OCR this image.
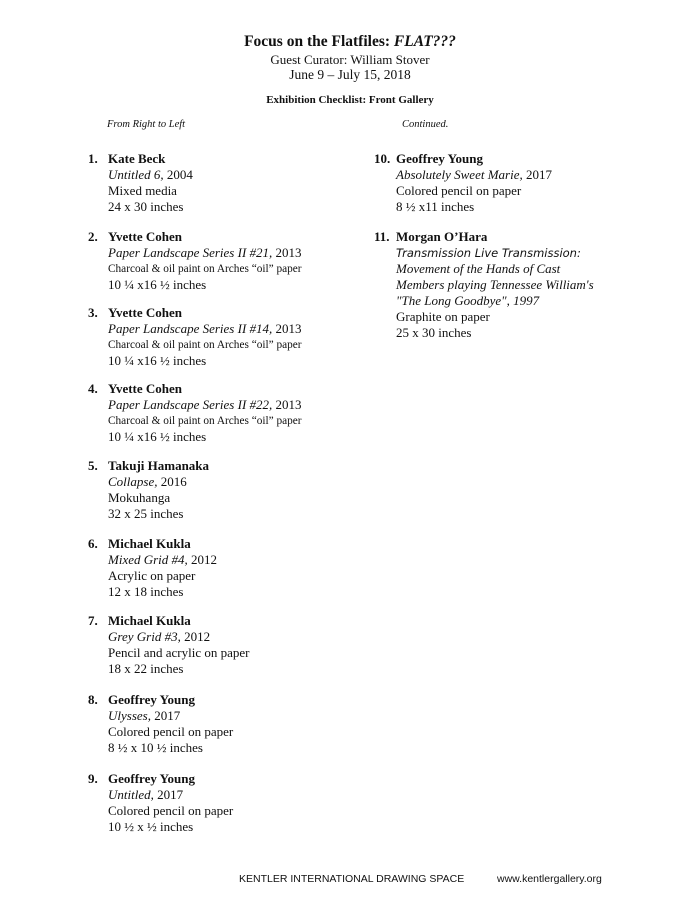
Focus on the Flatfiles: FLAT???
Guest Curator: William Stover
June 9 – July 15, 2018
Exhibition Checklist: Front Gallery
From Right to Left	Continued.
1. Kate Beck
Untitled 6, 2004
Mixed media
24 x 30 inches
2. Yvette Cohen
Paper Landscape Series II #21, 2013
Charcoal & oil paint on Arches “oil” paper
10 ¼ x16 ½ inches
3. Yvette Cohen
Paper Landscape Series II #14, 2013
Charcoal & oil paint on Arches “oil” paper
10 ¼ x16 ½ inches
4. Yvette Cohen
Paper Landscape Series II #22, 2013
Charcoal & oil paint on Arches “oil” paper
10 ¼ x16 ½ inches
5. Takuji Hamanaka
Collapse, 2016
Mokuhanga
32 x 25 inches
6. Michael Kukla
Mixed Grid #4, 2012
Acrylic on paper
12 x 18 inches
7. Michael Kukla
Grey Grid #3, 2012
Pencil and acrylic on paper
18 x 22 inches
8. Geoffrey Young
Ulysses, 2017
Colored pencil on paper
8 ½ x 10 ½ inches
9. Geoffrey Young
Untitled, 2017
Colored pencil on paper
10 ½ x ½ inches
10. Geoffrey Young
Absolutely Sweet Marie, 2017
Colored pencil on paper
8 ½ x11 inches
11. Morgan O’Hara
Transmission Live Transmission:
Movement of the Hands of Cast
Members playing Tennessee William's
"The Long Goodbye", 1997
Graphite on paper
25 x 30 inches
KENTLER INTERNATIONAL DRAWING SPACE	www.kentlergallery.org
